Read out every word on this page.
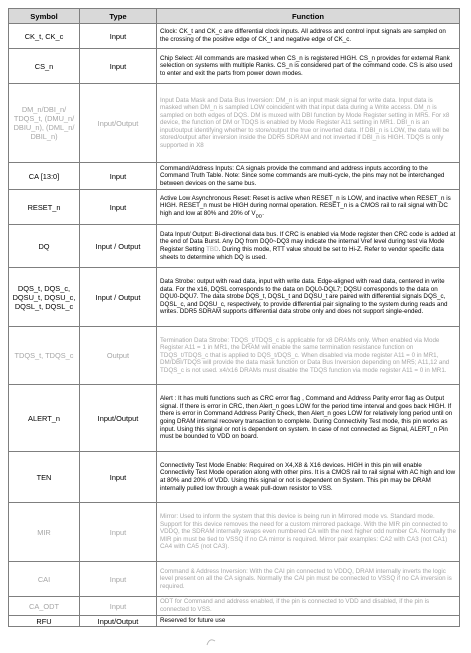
Symbol	Type	Function
CK_t, CK_c	Input	Clock: CK_t and CK_c are differential clock inputs. All address and control input signals are sampled on the crossing of the positive edge of CK_t and negative edge of CK_c.
CS_n	Input	Chip Select: All commands are masked when CS_n is registered HIGH. CS_n provides for external Rank selection on systems with multiple Ranks. CS_n is considered part of the command code. CS is also used to enter and exit the parts from power down modes.
DM_n/DBI_n/ TDQS_t, (DMU_n/ DBIU_n), (DML_n/ DBIL_n)	Input/Output	Input Data Mask and Data Bus Inversion: DM_n is an input mask signal for write data. Input data is masked when DM_n is sampled LOW coincident with that input data during a Write access. DM_n is sampled on both edges of DQS. DM is muxed with DBI function by Mode Register setting in MR5. For x8 device, the function of DM or TDQS is enabled by Mode Register A11 setting in MR1. DBI_n is an input/output identifying whether to store/output the true or inverted data. If DBI_n is LOW, the data will be stored/output after inversion inside the DDR5 SDRAM and not inverted if DBI_n is HIGH. TDQS is only supported in X8
CA [13:0]	Input	Command/Address Inputs: CA signals provide the command and address inputs according to the Command Truth Table. Note: Since some commands are multi-cycle, the pins may not be interchanged between devices on the same bus.
RESET_n	Input	Active Low Asynchronous Reset: Reset is active when RESET_n is LOW, and inactive when RESET_n is HIGH. RESET_n must be HIGH during normal operation. RESET_n is a CMOS rail to rail signal with DC high and low at 80% and 20% of $V_{DD}$.
DQ	Input / Output	Data Input/ Output: Bi-directional data bus. If CRC is enabled via Mode register then CRC code is added at the end of Data Burst. Any DQ from DQ0~DQ3 may indicate the internal Vref level during test via Mode Register Setting TBD. During this mode, RTT value should be set to Hi-Z. Refer to vendor specific data sheets to determine which DQ is used.
DQS_t, DQS_c, DQSU_t, DQSU_c, DQSL_t, DQSL_c	Input / Output	Data Strobe: output with read data, input with write data. Edge-aligned with read data, centered in write data. For the x16, DQSL corresponds to the data on DQL0-DQL7; DQSU corresponds to the data on DQU0-DQU7. The data strobe DQS_t, DQSL_t and DQSU_t are paired with differential signals DQS_c, DQSL_c, and DQSU_c, respectively, to provide differential pair signaling to the system during reads and writes. DDR5 SDRAM supports differential data strobe only and does not support single-ended.
TDQS_t, TDQS_c	Output	Termination Data Strobe: TDQS_t/TDQS_c is applicable for x8 DRAMs only. When enabled via Mode Register A11 = 1 in MR1, the DRAM will enable the same termination resistance function on TDQS_t/TDQS_c that is applied to DQS_t/DQS_c. When disabled via mode register A11 = 0 in MR1, DM/DBI/TDQS will provide the data mask function or Data Bus Inversion depending on MR5; A11,12 and TDQS_c is not used. x4/x16 DRAMs must disable the TDQS function via mode register A11 = 0 in MR1.
ALERT_n	Input/Output	Alert : It has multi functions such as CRC error flag , Command and Address Parity error flag as Output signal. If there is error in CRC, then Alert_n goes LOW for the period time interval and goes back HIGH. If there is error in Command Address Parity Check, then Alert_n goes LOW for relatively long period until on going DRAM internal recovery transaction to complete. During Connectivity Test mode, this pin works as input. Using this signal or not is dependent on system. In case of not connected as Signal, ALERT_n Pin must be bounded to VDD on board.
TEN	Input	Connectivity Test Mode Enable: Required on X4,X8 & X16 devices. HIGH in this pin will enable Connectivity Test Mode operation along with other pins. It is a CMOS rail to rail signal with AC high and low at 80% and 20% of VDD. Using this signal or not is dependent on System. This pin may be DRAM internally pulled low through a weak pull-down resistor to VSS.
MIR	Input	Mirror: Used to inform the system that this device is being run in Mirrored mode vs. Standard mode. Support for this device removes the need for a custom mirrored package. With the MIR pin connected to VDDQ, the SDRAM internally swaps even numbered CA with the next higher odd number CA. Normally the MIR pin must be tied to VSSQ if no CA mirror is required. Mirror pair examples: CA2 with CA3 (not CA1) CA4 with CA5 (not CA3).
CAI	Input	Command & Address Inversion: With the CAI pin connected to VDDQ, DRAM internally inverts the logic level present on all the CA signals. Normally the CAI pin must be connected to VSSQ if no CA inversion is required.
CA_ODT	Input	ODT for Command and address enabled, if the pin is connected to VDD and disabled, if the pin is connected to VSS.
RFU	Input/Output	Reserved for future use
